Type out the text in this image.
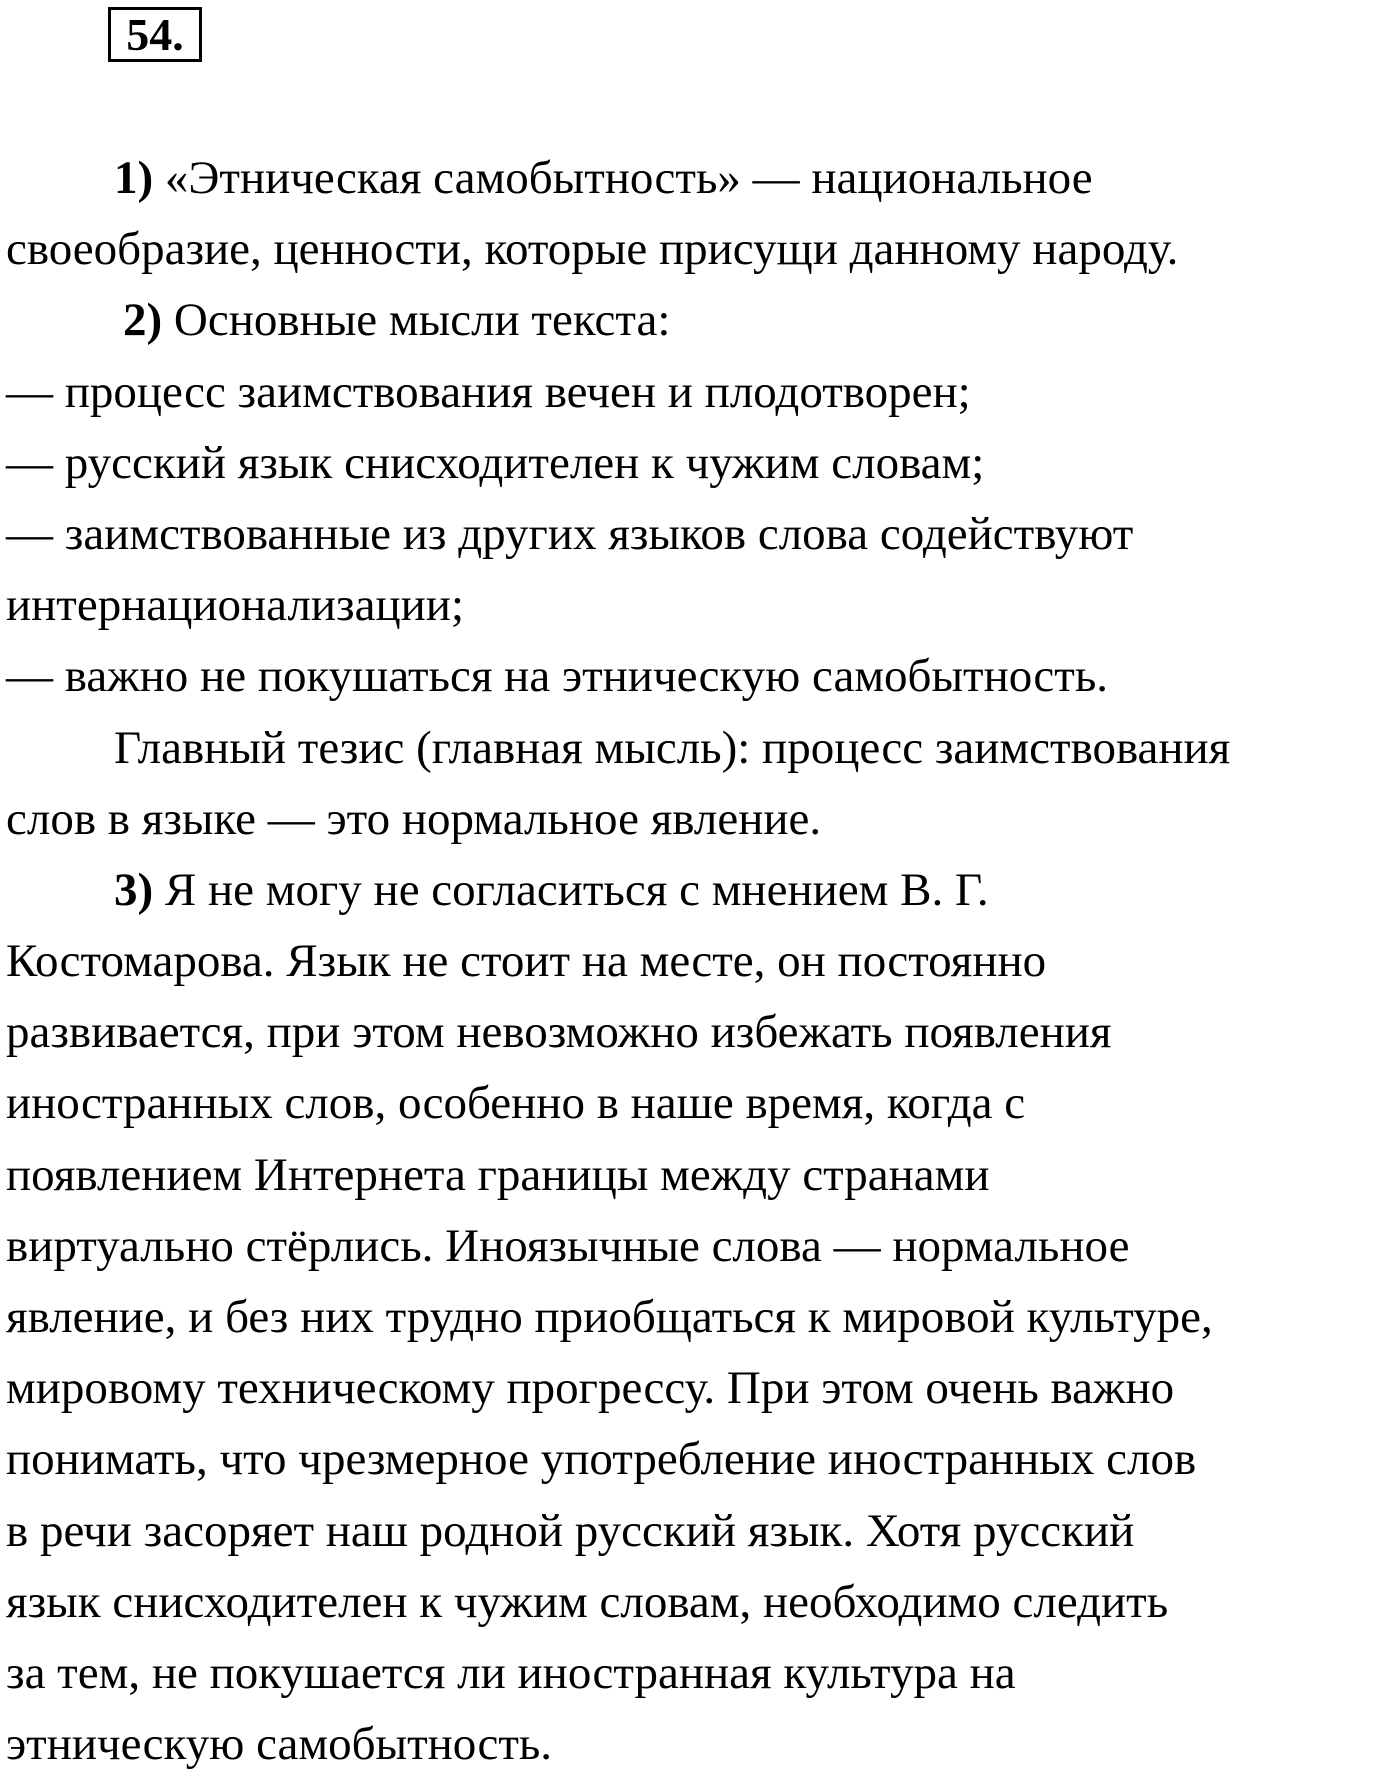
54.
1) «Этническая самобытность» — национальное
своеобразие, ценности, которые присущи данному народу.
2) Основные мысли текста:
— процесс заимствования вечен и плодотворен;
— русский язык снисходителен к чужим словам;
— заимствованные из других языков слова содействуют
интернационализации;
— важно не покушаться на этническую самобытность.
Главный тезис (главная мысль): процесс заимствования
слов в языке — это нормальное явление.
3) Я не могу не согласиться с мнением В. Г.
Костомарова. Язык не стоит на месте, он постоянно
развивается, при этом невозможно избежать появления
иностранных слов, особенно в наше время, когда с
появлением Интернета границы между странами
виртуально стёрлись. Иноязычные слова — нормальное
явление, и без них трудно приобщаться к мировой культуре,
мировому техническому прогрессу. При этом очень важно
понимать, что чрезмерное употребление иностранных слов
в речи засоряет наш родной русский язык. Хотя русский
язык снисходителен к чужим словам, необходимо следить
за тем, не покушается ли иностранная культура на
этническую самобытность.
